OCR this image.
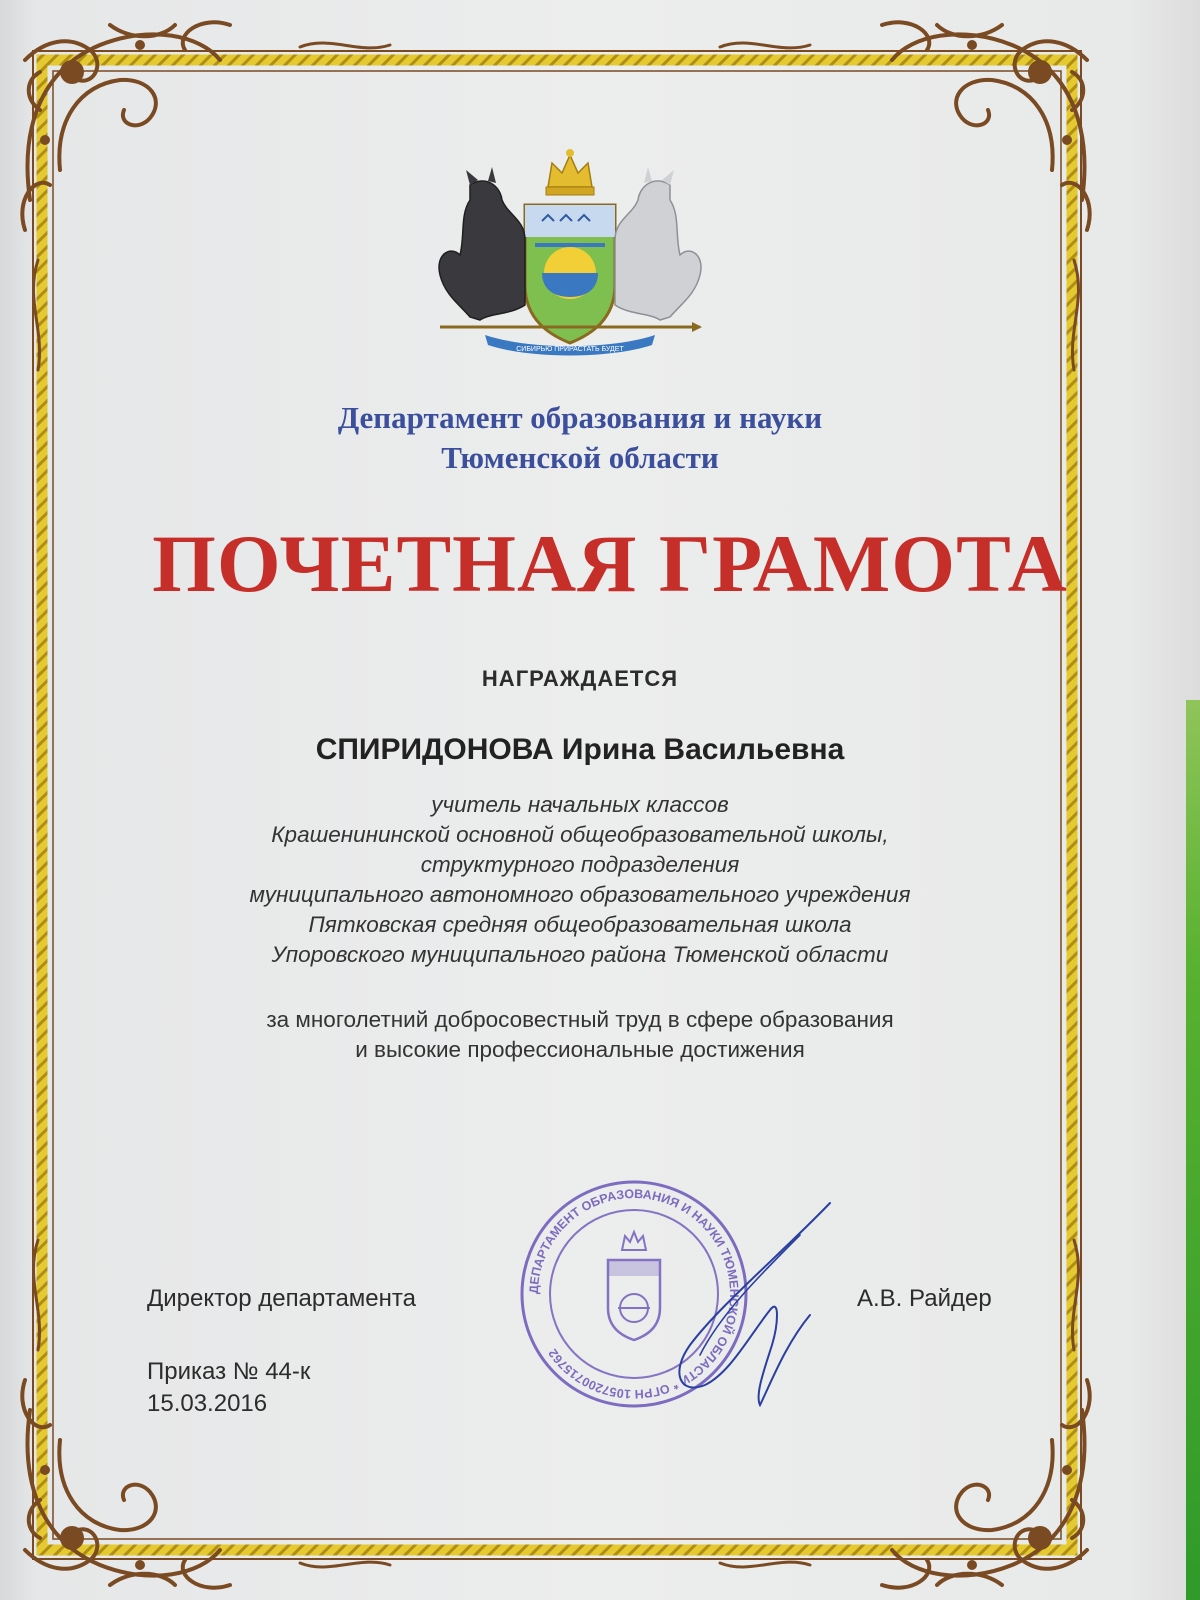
СИБИРЬЮ ПРИРАСТАТЬ БУДЕТ
Департамент образования и науки
Тюменской области
ПОЧЕТНАЯ ГРАМОТА
НАГРАЖДАЕТСЯ
СПИРИДОНОВА Ирина Васильевна
учитель начальных классов
Крашенининской основной общеобразовательной школы,
структурного подразделения
муниципального автономного образовательного учреждения
Пятковская средняя общеобразовательная школа
Упоровского муниципального района Тюменской области
за многолетний добросовестный труд в сфере образования
и высокие профессиональные достижения
ДЕПАРТАМЕНТ ОБРАЗОВАНИЯ И НАУКИ ТЮМЕНСКОЙ ОБЛАСТИ * ОГРН 1057200715762
Директор департамента	А.В. Райдер
Приказ № 44-к
15.03.2016
